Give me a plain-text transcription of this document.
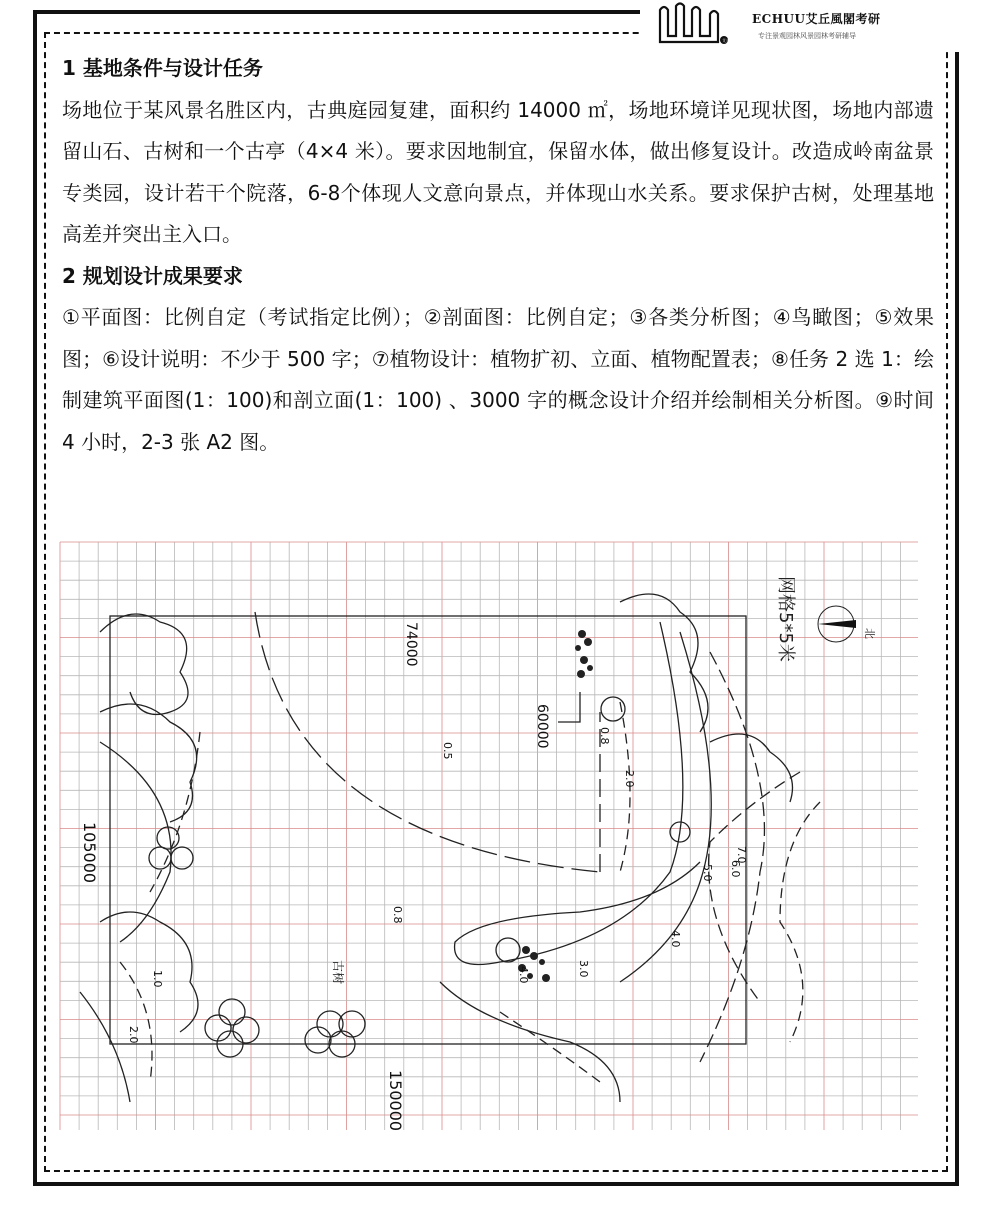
艾丘
ECHUU艾丘風閣考研
专注景观园林风景园林考研辅导

1 基地条件与设计任务

场地位于某风景名胜区内，古典庭园复建，面积约 14000 ㎡，场地环境详见现状图，场地内部遗留山石、古树和一个古亭（4×4 米）。要求因地制宜，保留水体，做出修复设计。改造成岭南盆景专类园，设计若干个院落，6-8个体现人文意向景点，并体现山水关系。要求保护古树，处理基地高差并突出主入口。

2 规划设计成果要求

①平面图：比例自定（考试指定比例）；②剖面图：比例自定；③各类分析图；④鸟瞰图；⑤效果图；⑥设计说明：不少于 500 字；⑦植物设计：植物扩初、立面、植物配置表；⑧任务 2 选 1：绘制建筑平面图(1：100)和剖立面(1：100) 、3000 字的概念设计介绍并绘制相关分析图。⑨时间 4 小时，2-3 张 A2 图。

北
网格5*5米
74000
60000
105000
150000
古树
0.5
0.8
2.0
7.0
6.0
5.0
4.0
3.0
0.8
1.0
2.0
4.0
